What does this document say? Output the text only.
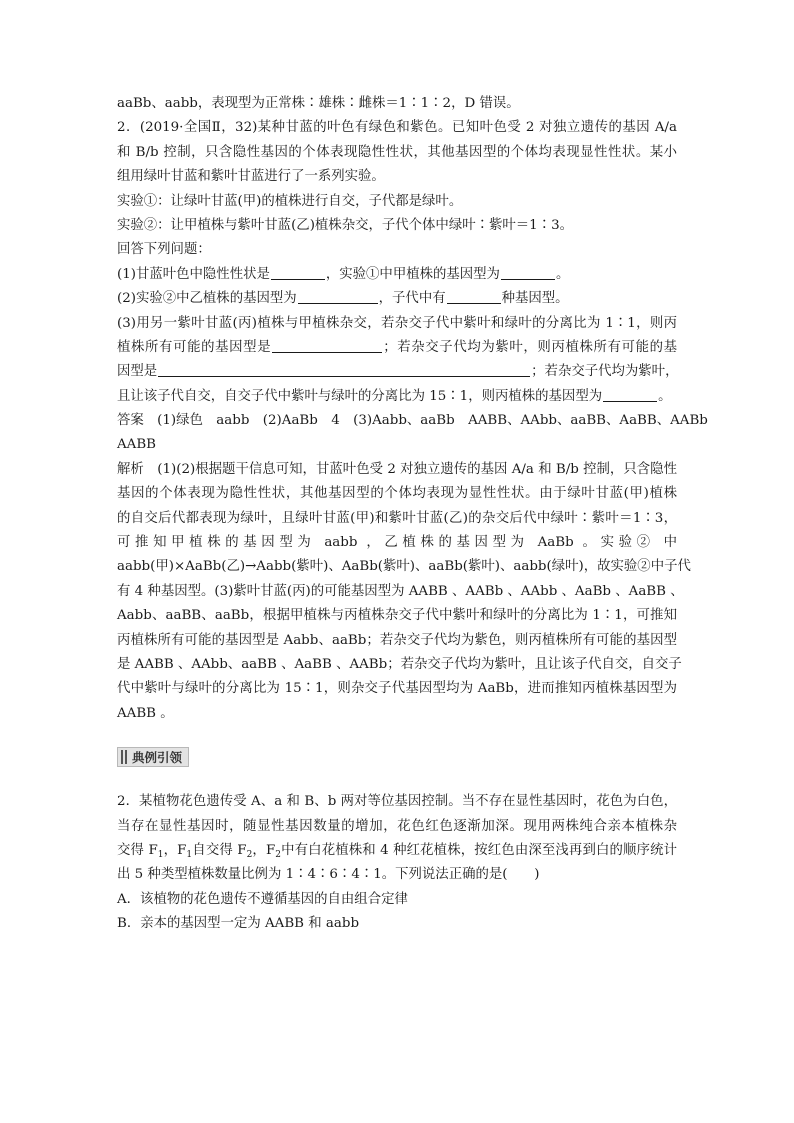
aaBb、aabb，表现型为正常株∶雄株∶雌株＝1∶1∶2，D 错误。
2．(2019·全国Ⅱ，32)某种甘蓝的叶色有绿色和紫色。已知叶色受 2 对独立遗传的基因 A/a
和 B/b 控制，只含隐性基因的个体表现隐性性状，其他基因型的个体均表现显性性状。某小
组用绿叶甘蓝和紫叶甘蓝进行了一系列实验。
实验①：让绿叶甘蓝(甲)的植株进行自交，子代都是绿叶。
实验②：让甲植株与紫叶甘蓝(乙)植株杂交，子代个体中绿叶∶紫叶＝1∶3。
回答下列问题：
(1)甘蓝叶色中隐性性状是	，实验①中甲植株的基因型为	。
(2)实验②中乙植株的基因型为	，子代中有	种基因型。
(3)用另一紫叶甘蓝(丙)植株与甲植株杂交，若杂交子代中紫叶和绿叶的分离比为 1∶1，则丙
植株所有可能的基因型是	；若杂交子代均为紫叶，则丙植株所有可能的基
因型是	；若杂交子代均为紫叶，
且让该子代自交，自交子代中紫叶与绿叶的分离比为 15∶1，则丙植株的基因型为	。
答案　(1)绿色　aabb　(2)AaBb　4　(3)Aabb、aaBb　AABB、AAbb、aaBB、AaBB、AABb
AABB
解析　(1)(2)根据题干信息可知，甘蓝叶色受 2 对独立遗传的基因 A/a 和 B/b 控制，只含隐性
基因的个体表现为隐性性状，其他基因型的个体均表现为显性性状。由于绿叶甘蓝(甲)植株
的自交后代都表现为绿叶，且绿叶甘蓝(甲)和紫叶甘蓝(乙)的杂交后代中绿叶∶紫叶＝1∶3，
可推知甲植株的基因型为 aabb ，乙植株的基因型为 AaBb 。实验② 中
aabb(甲)×AaBb(乙)→Aabb(紫叶)、AaBb(紫叶)、aaBb(紫叶)、aabb(绿叶)，故实验②中子代
有 4 种基因型。(3)紫叶甘蓝(丙)的可能基因型为 AABB 、AABb 、AAbb 、AaBb 、AaBB 、
Aabb、aaBB、aaBb，根据甲植株与丙植株杂交子代中紫叶和绿叶的分离比为 1∶1，可推知
丙植株所有可能的基因型是 Aabb、aaBb；若杂交子代均为紫色，则丙植株所有可能的基因型
是 AABB 、AAbb、aaBB 、AaBB 、AABb；若杂交子代均为紫叶，且让该子代自交，自交子
代中紫叶与绿叶的分离比为 15∶1，则杂交子代基因型均为 AaBb，进而推知丙植株基因型为
AABB 。
典例引领
2．某植物花色遗传受 A、a 和 B、b 两对等位基因控制。当不存在显性基因时，花色为白色，
当存在显性基因时，随显性基因数量的增加，花色红色逐渐加深。现用两株纯合亲本植株杂
交得 $F_1$，$F_1$自交得 $F_2$，$F_2$中有白花植株和 4 种红花植株，按红色由深至浅再到白的顺序统计
出 5 种类型植株数量比例为 1∶4∶6∶4∶1。下列说法正确的是(　　)
A．该植物的花色遗传不遵循基因的自由组合定律
B．亲本的基因型一定为 AABB 和 aabb
